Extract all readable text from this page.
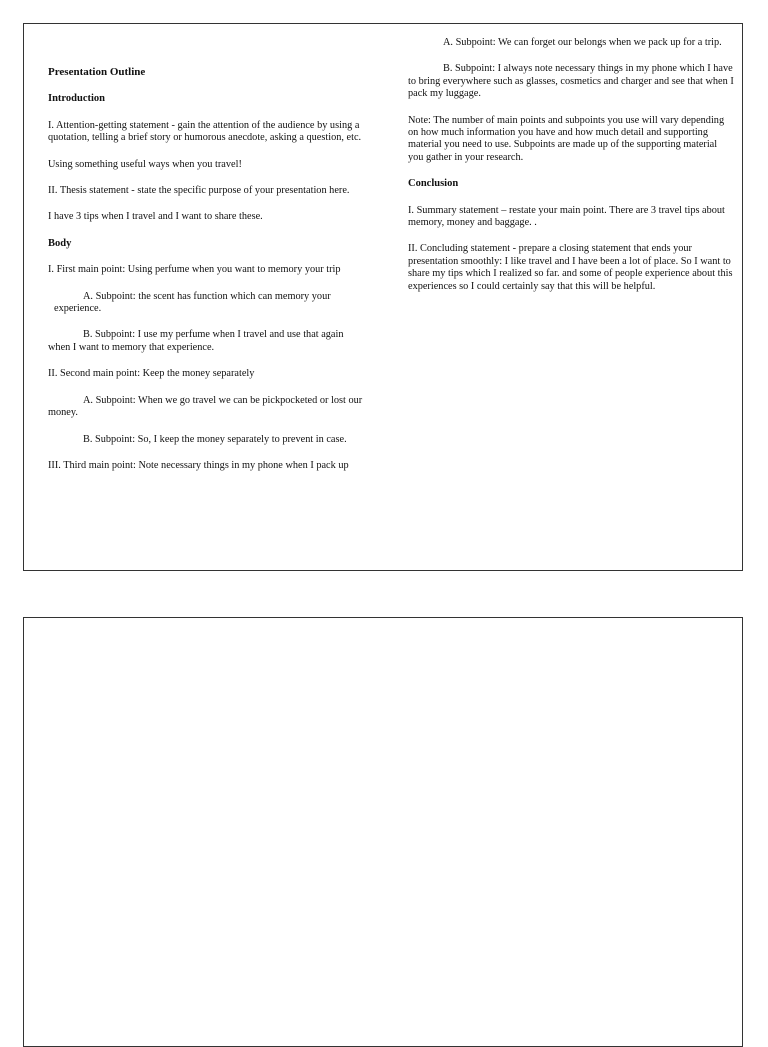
Presentation Outline

Introduction

I. Attention-getting statement - gain the attention of the audience by using a quotation, telling a brief story or humorous anecdote, asking a question, etc.

Using something useful ways when you travel!

II. Thesis statement - state the specific purpose of your presentation here.

I have 3 tips when I travel and I want to share these.

Body

I. First main point: Using perfume when you want to memory your trip

A. Subpoint: the scent has function which can memory your experience.

B. Subpoint: I use my perfume when I travel and use that again when I want to memory that experience.

II. Second main point: Keep the money separately

A. Subpoint: When we go travel we can be pickpocketed or lost our money.

B. Subpoint: So, I keep the money separately to prevent in case.

III. Third main point: Note necessary things in my phone when I pack up

A. Subpoint: We can forget our belongs when we pack up for a trip.

B. Subpoint: I always note necessary things in my phone which I have to bring everywhere such as glasses, cosmetics and charger and see that when I pack my luggage.

Note: The number of main points and subpoints you use will vary depending on how much information you have and how much detail and supporting material you need to use. Subpoints are made up of the supporting material you gather in your research.

Conclusion

I. Summary statement – restate your main point. There are 3 travel tips about memory, money and baggage. .

II. Concluding statement - prepare a closing statement that ends your presentation smoothly: I like travel and I have been a lot of place. So I want to share my tips which I realized so far. and some of people experience about this experiences so I could certainly say that this will be helpful.
